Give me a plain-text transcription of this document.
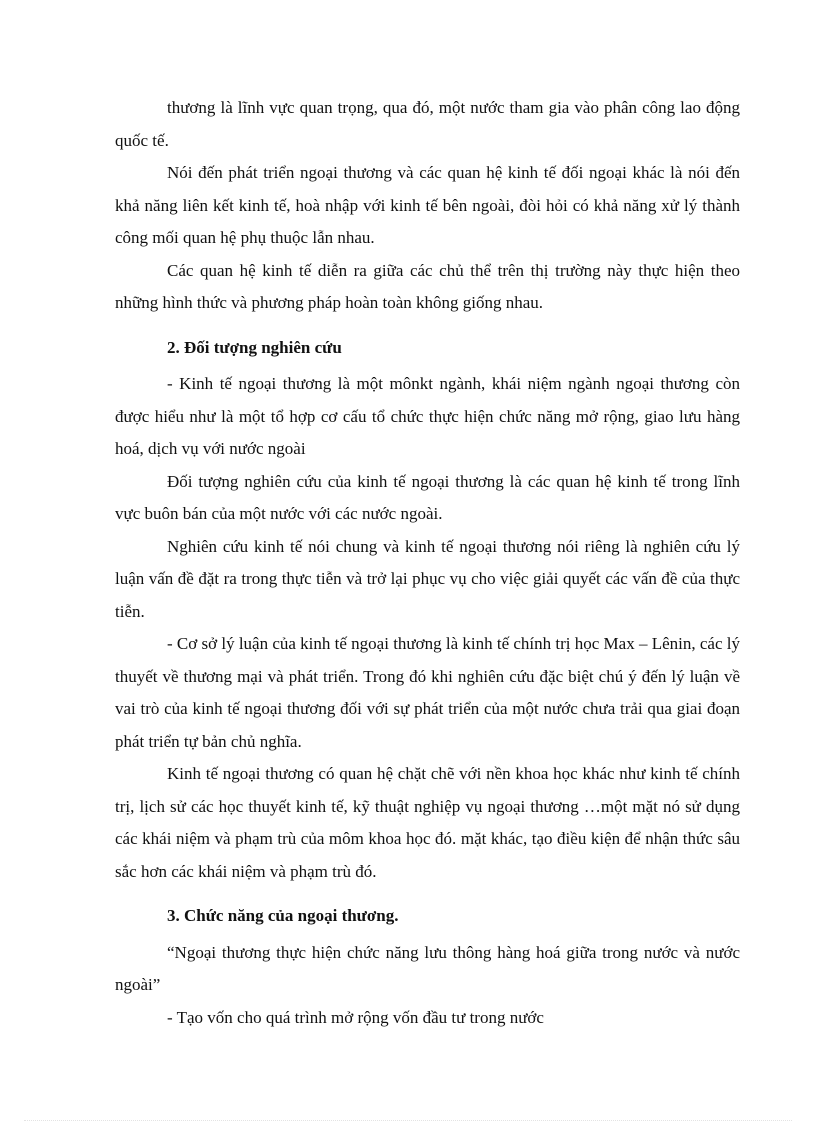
thương là lĩnh vực quan trọng, qua đó, một nước tham gia vào phân công lao động quốc tế.

Nói đến phát triển ngoại thương và các quan hệ kinh tế đối ngoại khác là nói đến khả năng liên kết kinh tế, hoà nhập với kinh tế bên ngoài, đòi hỏi có khả năng xử lý thành công mối quan hệ phụ thuộc lẫn nhau.

Các quan hệ kinh tế diễn ra giữa các chủ thể trên thị trường này thực hiện theo những hình thức và phương pháp hoàn toàn không giống nhau.

2. Đối tượng nghiên cứu

- Kinh tế ngoại thương là một mônkt ngành, khái niệm ngành ngoại thương còn được hiểu như là một tổ hợp cơ cấu tổ chức thực hiện chức năng mở rộng, giao lưu hàng hoá, dịch vụ với nước ngoài

Đối tượng nghiên cứu của kinh tế ngoại thương là các quan hệ kinh tế trong lĩnh vực buôn bán của một nước với các nước ngoài.

Nghiên cứu kinh tế nói chung và kinh tế ngoại thương nói riêng là nghiên cứu lý luận vấn đề đặt ra trong thực tiễn và trở lại phục vụ cho việc giải quyết các vấn đề của thực tiễn.

- Cơ sở lý luận của kinh tế ngoại thương là kinh tế chính trị học Max – Lênin, các lý thuyết về thương mại và phát triển. Trong đó khi nghiên cứu đặc biệt chú ý đến lý luận về vai trò của kinh tế ngoại thương đối với sự phát triển của một nước chưa trải qua giai đoạn phát triển tự bản chủ nghĩa.

Kinh tế ngoại thương có quan hệ chặt chẽ với nền khoa học khác như kinh tế chính trị, lịch sử các học thuyết kinh tế, kỹ thuật nghiệp vụ ngoại thương …một mặt nó sử dụng các khái niệm và phạm trù của môm khoa học đó. mặt khác, tạo điều kiện để nhận thức sâu sắc hơn các khái niệm và phạm trù đó.

3. Chức năng của ngoại thương.

“Ngoại thương thực hiện chức năng lưu thông hàng hoá giữa trong nước và nước ngoài”

- Tạo vốn cho quá trình mở rộng vốn đầu tư trong nước
